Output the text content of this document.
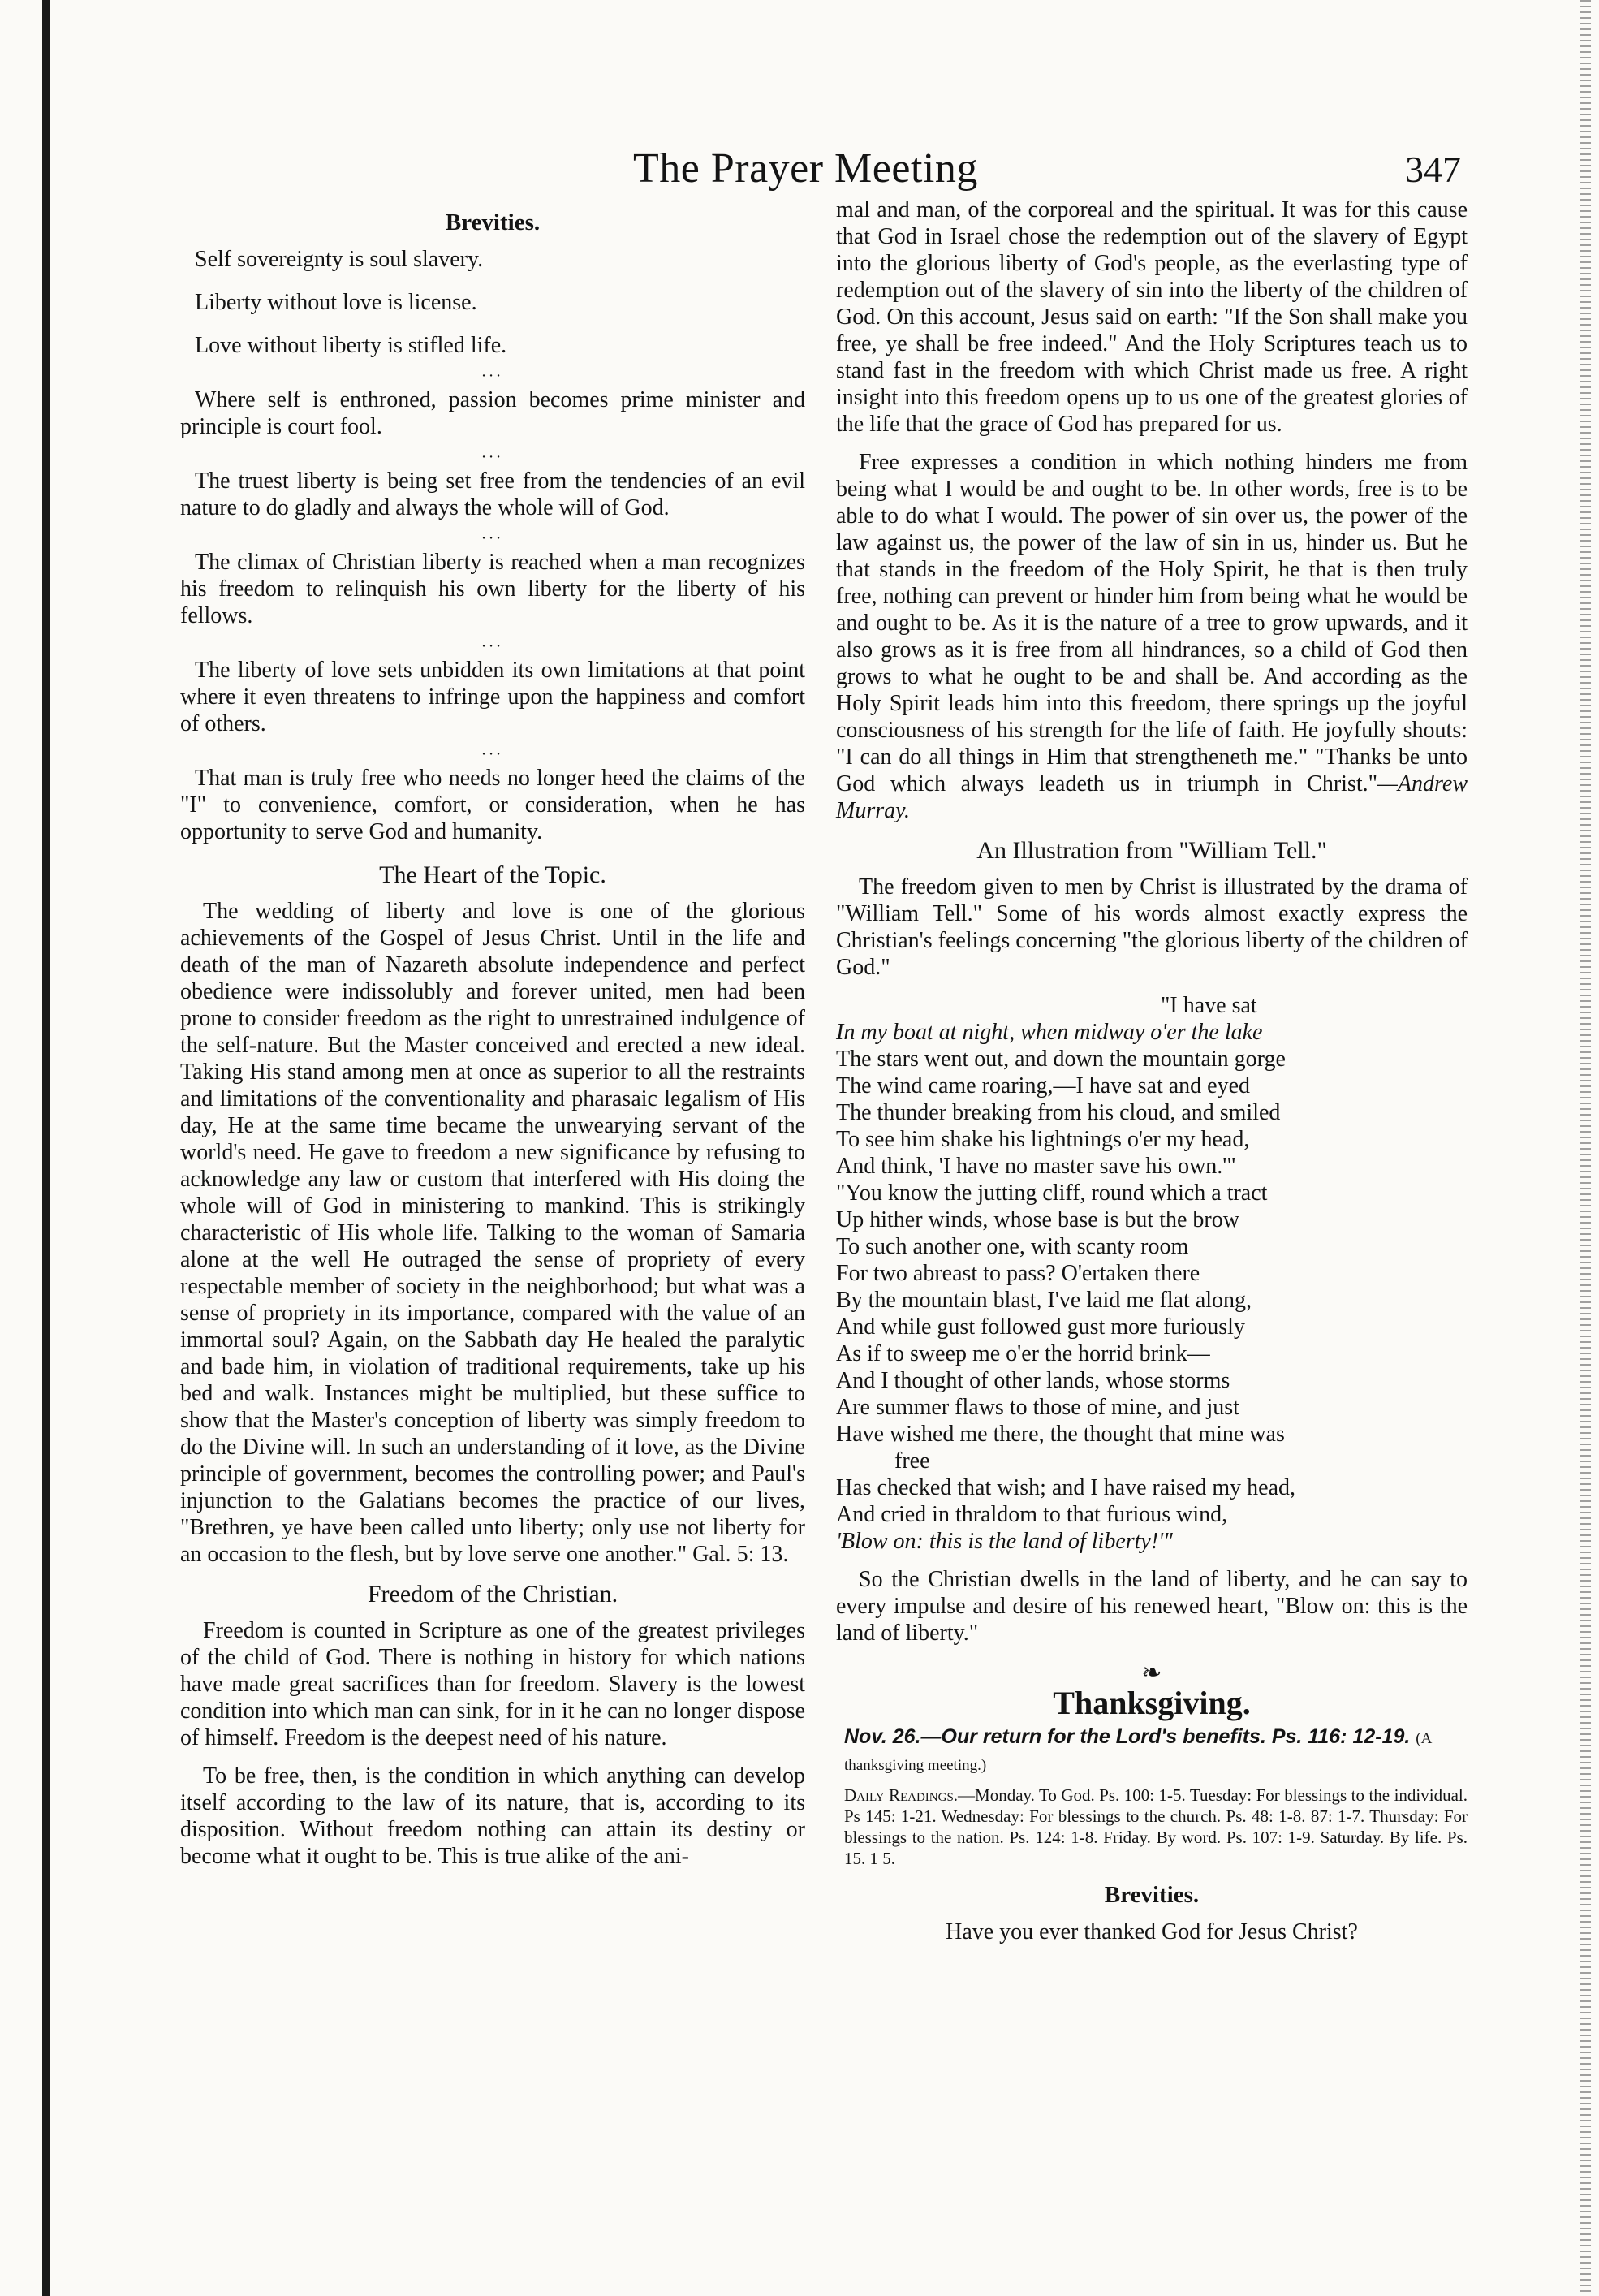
The Prayer Meeting	347
Brevities.

Self sovereignty is soul slavery.

Liberty without love is license.

Love without liberty is stifled life.

∙∙∙

Where self is enthroned, passion becomes prime minister and principle is court fool.

∙∙∙

The truest liberty is being set free from the tendencies of an evil nature to do gladly and always the whole will of God.

∙∙∙

The climax of Christian liberty is reached when a man recognizes his freedom to relinquish his own liberty for the liberty of his fellows.

∙∙∙

The liberty of love sets unbidden its own limitations at that point where it even threatens to infringe upon the happiness and comfort of others.

∙∙∙

That man is truly free who needs no longer heed the claims of the "I" to convenience, comfort, or consideration, when he has opportunity to serve God and humanity.

The Heart of the Topic.

The wedding of liberty and love is one of the glorious achievements of the Gospel of Jesus Christ. Until in the life and death of the man of Nazareth absolute independence and perfect obedience were indissolubly and forever united, men had been prone to consider freedom as the right to unrestrained indulgence of the self-nature. But the Master conceived and erected a new ideal. Taking His stand among men at once as superior to all the restraints and limitations of the conventionality and pharasaic legalism of His day, He at the same time became the unwearying servant of the world's need. He gave to freedom a new significance by refusing to acknowledge any law or custom that interfered with His doing the whole will of God in ministering to mankind. This is strikingly characteristic of His whole life. Talking to the woman of Samaria alone at the well He outraged the sense of propriety of every respectable member of society in the neighborhood; but what was a sense of propriety in its importance, compared with the value of an immortal soul? Again, on the Sabbath day He healed the paralytic and bade him, in violation of traditional requirements, take up his bed and walk. Instances might be multiplied, but these suffice to show that the Master's conception of liberty was simply freedom to do the Divine will. In such an understanding of it love, as the Divine principle of government, becomes the controlling power; and Paul's injunction to the Galatians becomes the practice of our lives, "Brethren, ye have been called unto liberty; only use not liberty for an occasion to the flesh, but by love serve one another." Gal. 5: 13.

Freedom of the Christian.

Freedom is counted in Scripture as one of the greatest privileges of the child of God. There is nothing in history for which nations have made great sacrifices than for freedom. Slavery is the lowest condition into which man can sink, for in it he can no longer dispose of himself. Freedom is the deepest need of his nature.

To be free, then, is the condition in which anything can develop itself according to the law of its nature, that is, according to its disposition. Without freedom nothing can attain its destiny or become what it ought to be. This is true alike of the ani-

mal and man, of the corporeal and the spiritual. It was for this cause that God in Israel chose the redemption out of the slavery of Egypt into the glorious liberty of God's people, as the everlasting type of redemption out of the slavery of sin into the liberty of the children of God. On this account, Jesus said on earth: "If the Son shall make you free, ye shall be free indeed." And the Holy Scriptures teach us to stand fast in the freedom with which Christ made us free. A right insight into this freedom opens up to us one of the greatest glories of the life that the grace of God has prepared for us.

Free expresses a condition in which nothing hinders me from being what I would be and ought to be. In other words, free is to be able to do what I would. The power of sin over us, the power of the law against us, the power of the law of sin in us, hinder us. But he that stands in the freedom of the Holy Spirit, he that is then truly free, nothing can prevent or hinder him from being what he would be and ought to be. As it is the nature of a tree to grow upwards, and it also grows as it is free from all hindrances, so a child of God then grows to what he ought to be and shall be. And according as the Holy Spirit leads him into this freedom, there springs up the joyful consciousness of his strength for the life of faith. He joyfully shouts: "I can do all things in Him that strengtheneth me." "Thanks be unto God which always leadeth us in triumph in Christ."—Andrew Murray.

An Illustration from "William Tell."

The freedom given to men by Christ is illustrated by the drama of "William Tell." Some of his words almost exactly express the Christian's feelings concerning "the glorious liberty of the children of God."

"I have sat
In my boat at night, when midway o'er the lake
The stars went out, and down the mountain gorge
The wind came roaring,—I have sat and eyed
The thunder breaking from his cloud, and smiled
To see him shake his lightnings o'er my head,
And think, 'I have no master save his own.'"
"You know the jutting cliff, round which a tract
Up hither winds, whose base is but the brow
To such another one, with scanty room
For two abreast to pass? O'ertaken there
By the mountain blast, I've laid me flat along,
And while gust followed gust more furiously
As if to sweep me o'er the horrid brink—
And I thought of other lands, whose storms
Are summer flaws to those of mine, and just
Have wished me there, the thought that mine was
free
Has checked that wish; and I have raised my head,
And cried in thraldom to that furious wind,
'Blow on: this is the land of liberty!'"

So the Christian dwells in the land of liberty, and he can say to every impulse and desire of his renewed heart, "Blow on: this is the land of liberty."

❧
Thanksgiving.
Nov. 26.—Our return for the Lord's benefits. Ps. 116: 12-19. (A thanksgiving meeting.)
Daily Readings.—Monday. To God. Ps. 100: 1-5. Tuesday: For blessings to the individual. Ps 145: 1-21. Wednesday: For blessings to the church. Ps. 48: 1-8. 87: 1-7. Thursday: For blessings to the nation. Ps. 124: 1-8. Friday. By word. Ps. 107: 1-9. Saturday. By life. Ps. 15. 1 5.
Brevities.
Have you ever thanked God for Jesus Christ?
